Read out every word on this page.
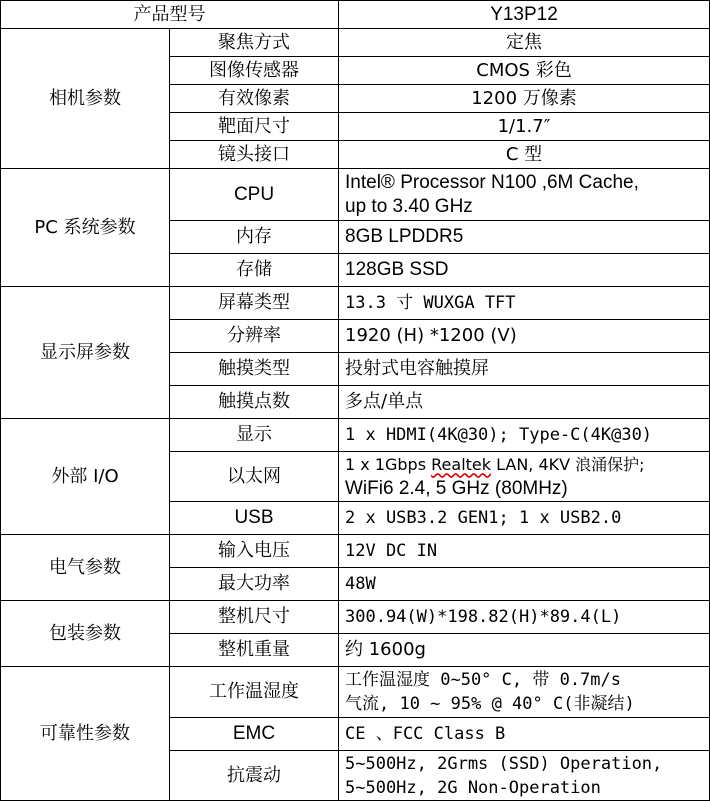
产品型号		Y13P12
相机参数	聚焦方式	定焦
	图像传感器	CMOS 彩色
	有效像素	1200 万像素
	靶面尺寸	1/1.7″
	镜头接口	C 型
PC 系统参数	CPU	Intel® Processor N100 ,6M Cache,
up to 3.40 GHz

	内存	8GB LPDDR5
	存储	128GB SSD
显示屏参数	屏幕类型	13.3 寸 WUXGA TFT
	分辨率	1920 (H) *1200 (V)
	触摸类型	投射式电容触摸屏
	触摸点数	多点/单点
外部 I/O	显示	1 x HDMI(4K@30); Type-C(4K@30)
	以太网	1 x 1Gbps Realtek LAN, 4KV 浪涌保护;
WiFi6 2.4, 5 GHz (80MHz)

	USB	2 x USB3.2 GEN1; 1 x USB2.0
电气参数	输入电压	12V DC IN
	最大功率	48W
包装参数	整机尺寸	300.94(W)*198.82(H)*89.4(L)
	整机重量	约 1600g
可靠性参数	工作温湿度	工作温湿度 0~50° C, 带 0.7m/s
气流, 10 ~ 95% @ 40° C(非凝结)

	EMC	CE 、FCC Class B
	抗震动	5~500Hz, 2Grms (SSD) Operation,
5~500Hz, 2G Non-Operation
